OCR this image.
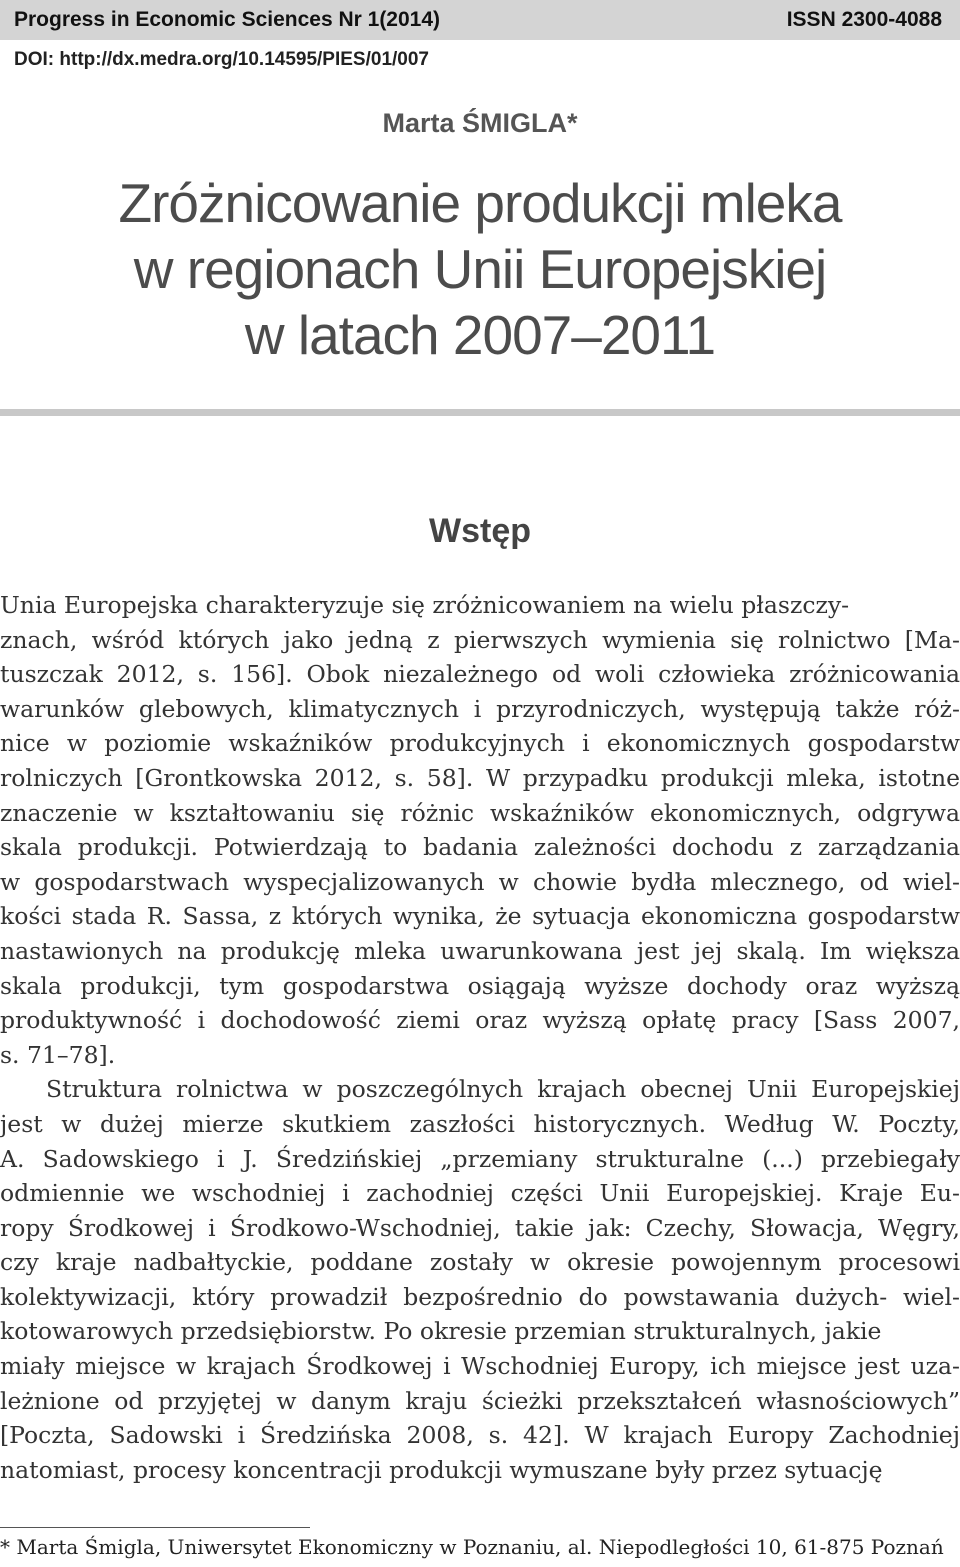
Progress in Economic Sciences Nr 1(2014)	ISSN 2300-4088
DOI: http://dx.medra.org/10.14595/PIES/01/007
Marta ŚMIGLA*
Zróżnicowanie produkcji mleka
w regionach Unii Europejskiej
w latach 2007–2011
Wstęp
Unia Europejska charakteryzuje się zróżnicowaniem na wielu płaszczy-
znach, wśród których jako jedną z pierwszych wymienia się rolnictwo [Ma-
tuszczak 2012, s. 156]. Obok niezależnego od woli człowieka zróżnicowania
warunków glebowych, klimatycznych i przyrodniczych, występują także róż-
nice w poziomie wskaźników produkcyjnych i ekonomicznych gospodarstw
rolniczych [Grontkowska 2012, s. 58]. W przypadku produkcji mleka, istotne
znaczenie w kształtowaniu się różnic wskaźników ekonomicznych, odgrywa
skala produkcji. Potwierdzają to badania zależności dochodu z zarządzania
w gospodarstwach wyspecjalizowanych w chowie bydła mlecznego, od wiel-
kości stada R. Sassa, z których wynika, że sytuacja ekonomiczna gospodarstw
nastawionych na produkcję mleka uwarunkowana jest jej skalą. Im większa
skala produkcji, tym gospodarstwa osiągają wyższe dochody oraz wyższą
produktywność i dochodowość ziemi oraz wyższą opłatę pracy [Sass 2007,
s. 71–78].
Struktura rolnictwa w poszczególnych krajach obecnej Unii Europejskiej
jest w dużej mierze skutkiem zaszłości historycznych. Według W. Poczty,
A. Sadowskiego i J. Średzińskiej „przemiany strukturalne (...) przebiegały
odmiennie we wschodniej i zachodniej części Unii Europejskiej. Kraje Eu-
ropy Środkowej i Środkowo-Wschodniej, takie jak: Czechy, Słowacja, Węgry,
czy kraje nadbałtyckie, poddane zostały w okresie powojennym procesowi
kolektywizacji, który prowadził bezpośrednio do powstawania dużych- wiel-
kotowarowych przedsiębiorstw. Po okresie przemian strukturalnych, jakie
miały miejsce w krajach Środkowej i Wschodniej Europy, ich miejsce jest uza-
leżnione od przyjętej w danym kraju ścieżki przekształceń własnościowych”
[Poczta, Sadowski i Średzińska 2008, s. 42]. W krajach Europy Zachodniej
natomiast, procesy koncentracji produkcji wymuszane były przez sytuację
* Marta Śmigla, Uniwersytet Ekonomiczny w Poznaniu, al. Niepodległości 10, 61-875 Poznań
